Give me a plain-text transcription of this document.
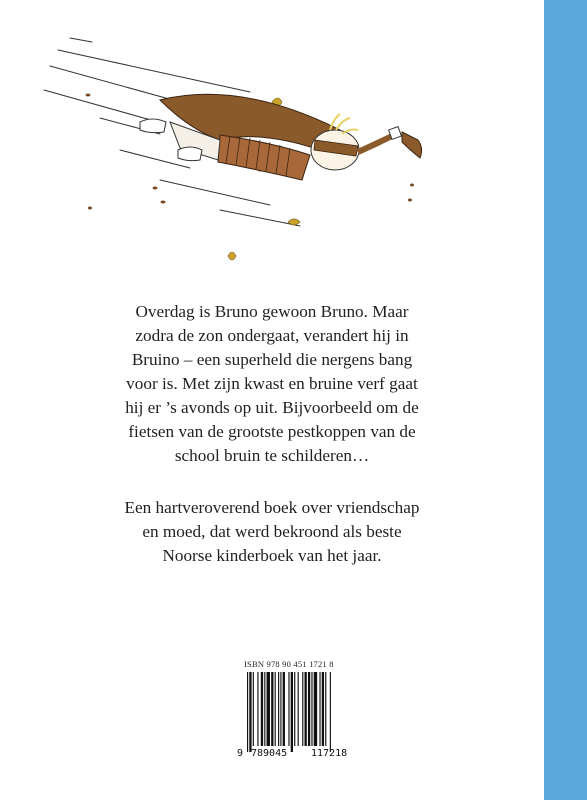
Overdag is Bruno gewoon Bruno. Maar zodra de zon ondergaat, verandert hij in Bruino – een superheld die nergens bang voor is. Met zijn kwast en bruine verf gaat hij er ’s avonds op uit. Bijvoorbeeld om de fietsen van de grootste pestkoppen van de school bruin te schilderen…

Een hartveroverend boek over vriendschap en moed, dat werd bekroond als beste Noorse kinderboek van het jaar.

ISBN 978 90 451 1721 8
9 789045 117218
